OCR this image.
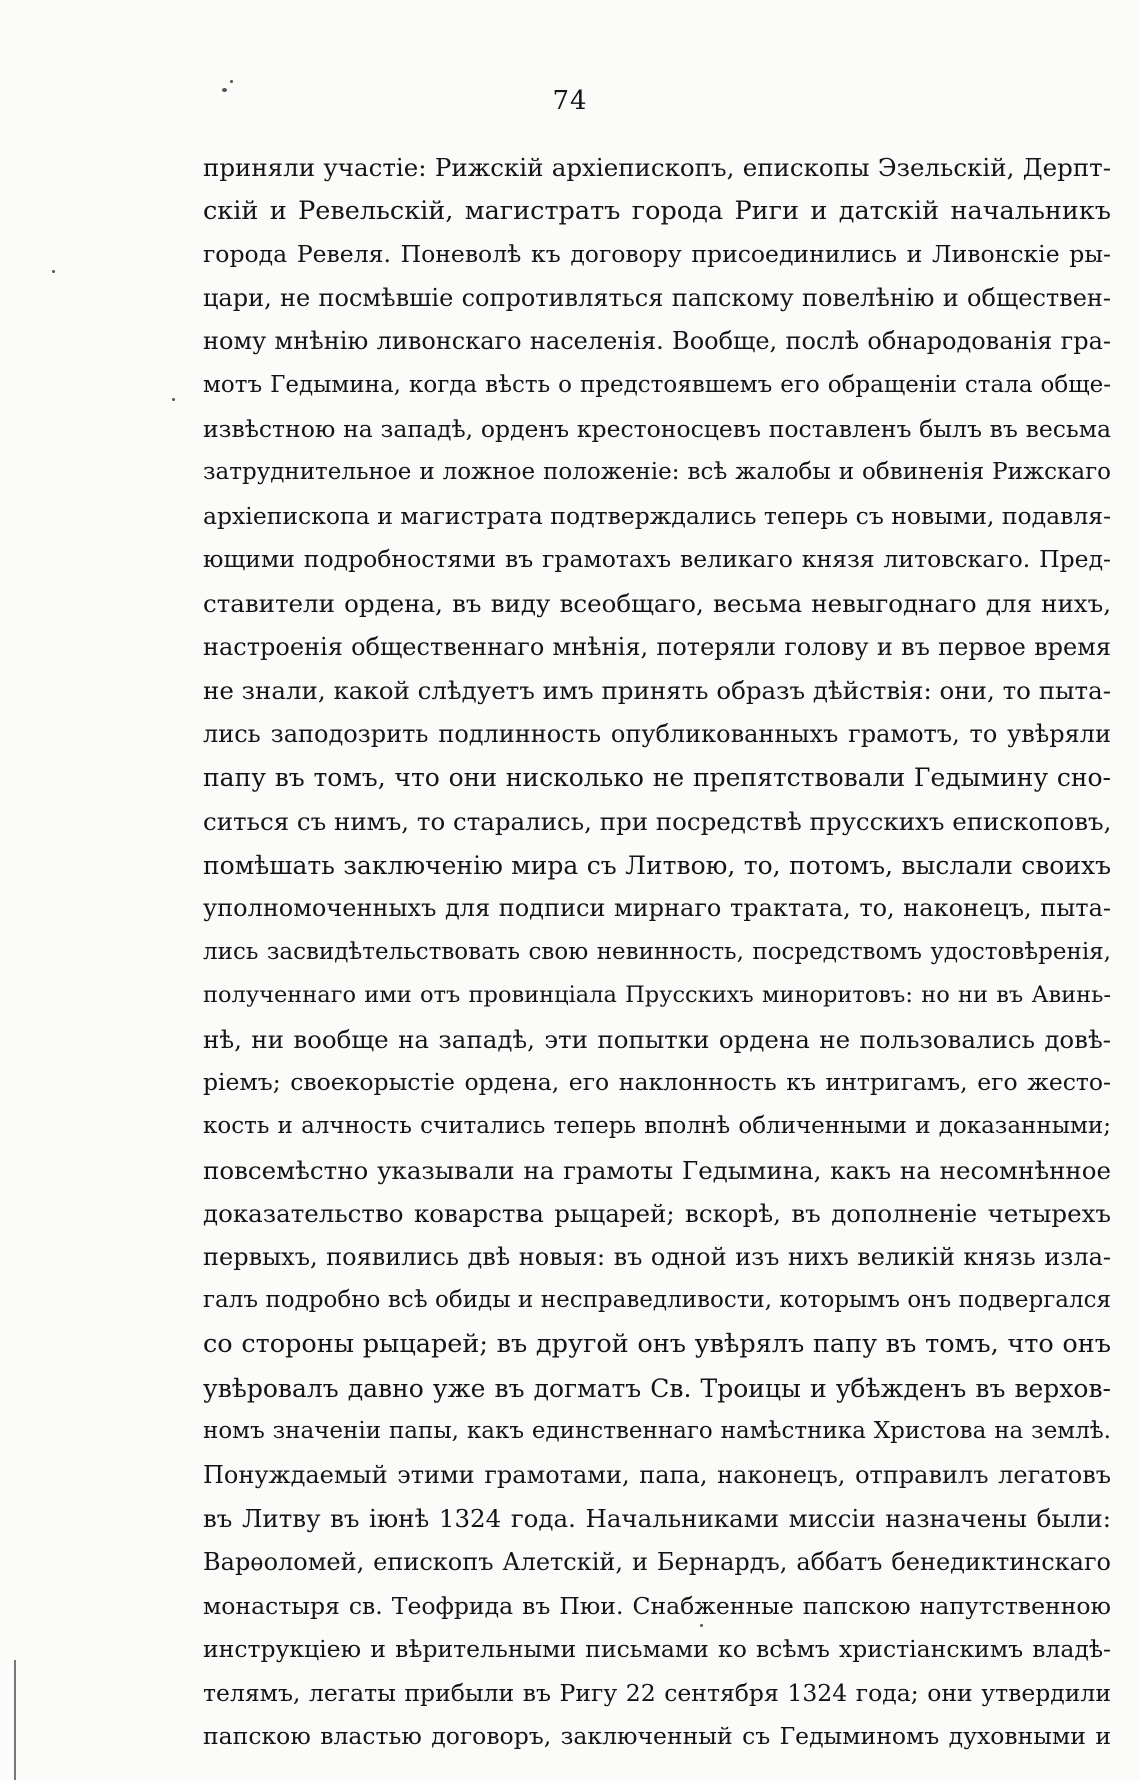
74
приняли участіе: Рижскій архіепископъ, епископы Эзельскій, Дерпт-
скій и Ревельскій, магистратъ города Риги и датскій начальникъ
города Ревеля. Поневолѣ къ договору присоединились и Ливонскіе ры-
цари, не посмѣвшіе сопротивляться папскому повелѣнію и обществен-
ному мнѣнію ливонскаго населенія. Вообще, послѣ обнародованія гра-
мотъ Гедымина, когда вѣсть о предстоявшемъ его обращеніи стала обще-
извѣстною на западѣ, орденъ крестоносцевъ поставленъ былъ въ весьма
затруднительное и ложное положеніе: всѣ жалобы и обвиненія Рижскаго
архіепископа и магистрата подтверждались теперь съ новыми, подавля-
ющими подробностями въ грамотахъ великаго князя литовскаго. Пред-
ставители ордена, въ виду всеобщаго, весьма невыгоднаго для нихъ,
настроенія общественнаго мнѣнія, потеряли голову и въ первое время
не знали, какой слѣдуетъ имъ принять образъ дѣйствія: они, то пыта-
лись заподозрить подлинность опубликованныхъ грамотъ, то увѣряли
папу въ томъ, что они нисколько не препятствовали Гедымину сно-
ситься съ нимъ, то старались, при посредствѣ прусскихъ епископовъ,
помѣшать заключенію мира съ Литвою, то, потомъ, выслали своихъ
уполномоченныхъ для подписи мирнаго трактата, то, наконецъ, пыта-
лись засвидѣтельствовать свою невинность, посредствомъ удостовѣренія,
полученнаго ими отъ провинціала Прусскихъ миноритовъ: но ни въ Авинь-
нѣ, ни вообще на западѣ, эти попытки ордена не пользовались довѣ-
ріемъ; своекорыстіе ордена, его наклонность къ интригамъ, его жесто-
кость и алчность считались теперь вполнѣ обличенными и доказанными;
повсемѣстно указывали на грамоты Гедымина, какъ на несомнѣнное
доказательство коварства рыцарей; вскорѣ, въ дополненіе четырехъ
первыхъ, появились двѣ новыя: въ одной изъ нихъ великій князь изла-
галъ подробно всѣ обиды и несправедливости, которымъ онъ подвергался
со стороны рыцарей; въ другой онъ увѣрялъ папу въ томъ, что онъ
увѣровалъ давно уже въ догматъ Св. Троицы и убѣжденъ въ верхов-
номъ значеніи папы, какъ единственнаго намѣстника Христова на землѣ.
Понуждаемый этими грамотами, папа, наконецъ, отправилъ легатовъ
въ Литву въ іюнѣ 1324 года. Начальниками миссіи назначены были:
Варѳоломей, епископъ Алетскій, и Бернардъ, аббатъ бенедиктинскаго
монастыря св. Теофрида въ Пюи. Снабженные папскою напутственною
инструкціею и вѣрительными письмами ко всѣмъ христіанскимъ владѣ-
телямъ, легаты прибыли въ Ригу 22 сентября 1324 года; они утвердили
папскою властью договоръ, заключенный съ Гедыминомъ духовными и
